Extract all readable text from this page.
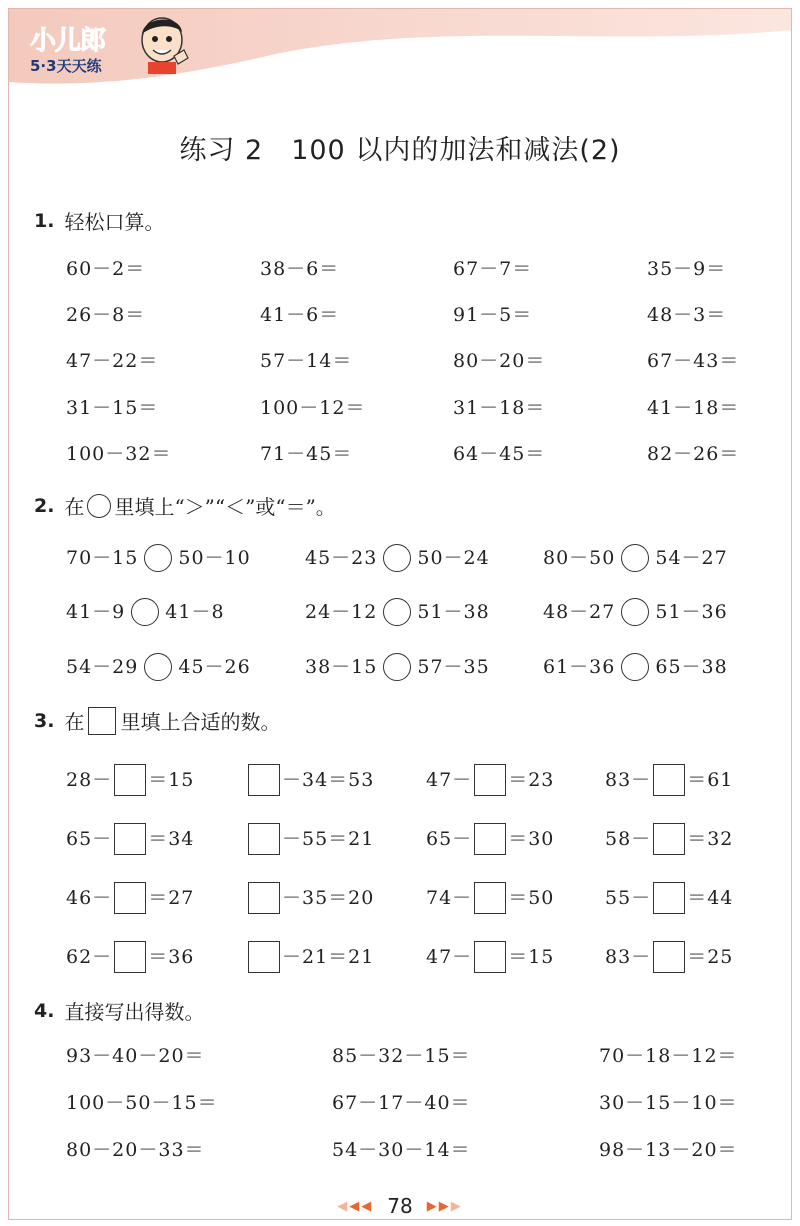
小儿郎
5·3天天练
练习 2　100 以内的加法和减法(2)
1. 轻松口算。
60－2＝	38－6＝	67－7＝	35－9＝
26－8＝	41－6＝	91－5＝	48－3＝
47－22＝	57－14＝	80－20＝	67－43＝
31－15＝	100－12＝	31－18＝	41－18＝
100－32＝	71－45＝	64－45＝	82－26＝
2. 在 里填上“＞”“＜”或“＝”。
70－15 50－10	45－23 50－24	80－50 54－27
41－9 41－8	24－12 51－38	48－27 51－36
54－29 45－26	38－15 57－35	61－36 65－38
3. 在 里填上合适的数。
28－ ＝15	－34＝53	47－ ＝23	83－ ＝61
65－ ＝34	－55＝21	65－ ＝30	58－ ＝32
46－ ＝27	－35＝20	74－ ＝50	55－ ＝44
62－ ＝36	－21＝21	47－ ＝15	83－ ＝25
4. 直接写出得数。
93－40－20＝	85－32－15＝	70－18－12＝
100－50－15＝	67－17－40＝	30－15－10＝
80－20－33＝	54－30－14＝	98－13－20＝
◀◀◀ 78 ▶▶▶
